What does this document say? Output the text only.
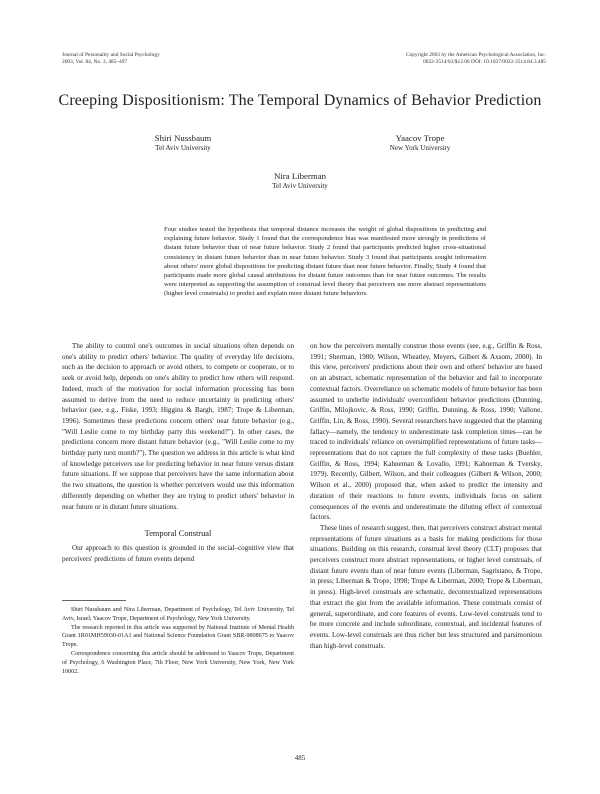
Journal of Personality and Social Psychology
2003, Vol. 84, No. 3, 485–497
Copyright 2003 by the American Psychological Association, Inc.
0022-3514/03/$12.00 DOI: 10.1037/0022-3514.84.3.485
Creeping Dispositionism: The Temporal Dynamics of Behavior Prediction
Shiri Nussbaum
Tel Aviv University
Yaacov Trope
New York University
Nira Liberman
Tel Aviv University
Four studies tested the hypothesis that temporal distance increases the weight of global dispositions in predicting and explaining future behavior. Study 1 found that the correspondence bias was manifested more strongly in predictions of distant future behavior than of near future behavior. Study 2 found that participants predicted higher cross-situational consistency in distant future behavior than in near future behavior. Study 3 found that participants sought information about others' more global dispositions for predicting distant future than near future behavior. Finally, Study 4 found that participants made more global causal attributions for distant future outcomes than for near future outcomes. The results were interpreted as supporting the assumption of construal level theory that perceivers use more abstract representations (higher level construals) to predict and explain more distant future behaviors.

The ability to control one's outcomes in social situations often depends on one's ability to predict others' behavior. The quality of everyday life decisions, such as the decision to approach or avoid others, to compete or cooperate, or to seek or avoid help, depends on one's ability to predict how others will respond. Indeed, much of the motivation for social information processing has been assumed to derive from the need to reduce uncertainty in predicting others' behavior (see, e.g., Fiske, 1993; Higgins & Bargh, 1987; Trope & Liberman, 1996). Sometimes these predictions concern others' near future behavior (e.g., "Will Leslie come to my birthday party this weekend?"). In other cases, the predictions concern more distant future behavior (e.g., "Will Leslie come to my birthday party next month?"). The question we address in this article is what kind of knowledge perceivers use for predicting behavior in near future versus distant future situations. If we suppose that perceivers have the same information about the two situations, the question is whether perceivers would use this information differently depending on whether they are trying to predict others' behavior in near future or in distant future situations.

Temporal Construal

Our approach to this question is grounded in the social–cognitive view that perceivers' predictions of future events depend

Shiri Nussbaum and Nira Liberman, Department of Psychology, Tel Aviv University, Tel Aviv, Israel; Yaacov Trope, Department of Psychology, New York University.

The research reported in this article was supported by National Institute of Mental Health Grant 1R01MH59030-01A1 and National Science Foundation Grant SBR-9808675 to Yaacov Trope.

Correspondence concerning this article should be addressed to Yaacov Trope, Department of Psychology, 6 Washington Place, 7th Floor, New York University, New York, New York 10002.

on how the perceivers mentally construe those events (see, e.g., Griffin & Ross, 1991; Sherman, 1980; Wilson, Wheatley, Meyers, Gilbert & Axsom, 2000). In this view, perceivers' predictions about their own and others' behavior are based on an abstract, schematic representation of the behavior and fail to incorporate contextual factors. Overreliance on schematic models of future behavior has been assumed to underlie individuals' overconfident behavior predictions (Dunning, Griffin, Milojkovic, & Ross, 1990; Griffin, Dunning, & Ross, 1990; Vallone, Griffin, Lin, & Ross, 1990). Several researchers have suggested that the planning fallacy—namely, the tendency to underestimate task completion times—can be traced to individuals' reliance on oversimplified representations of future tasks—representations that do not capture the full complexity of these tasks (Buehler, Griffin, & Ross, 1994; Kahneman & Lovallo, 1991; Kahneman & Tversky, 1979). Recently, Gilbert, Wilson, and their colleagues (Gilbert & Wilson, 2000; Wilson et al., 2000) proposed that, when asked to predict the intensity and duration of their reactions to future events, individuals focus on salient consequences of the events and underestimate the diluting effect of contextual factors.

These lines of research suggest, then, that perceivers construct abstract mental representations of future situations as a basis for making predictions for those situations. Building on this research, construal level theory (CLT) proposes that perceivers construct more abstract representations, or higher level construals, of distant future events than of near future events (Liberman, Sagristano, & Trope, in press; Liberman & Trope, 1998; Trope & Liberman, 2000; Trope & Liberman, in press). High-level construals are schematic, decontextualized representations that extract the gist from the available information. These construals consist of general, superordinate, and core features of events. Low-level construals tend to be more concrete and include subordinate, contextual, and incidental features of events. Low-level construals are thus richer but less structured and parsimonious than high-level construals.

485
